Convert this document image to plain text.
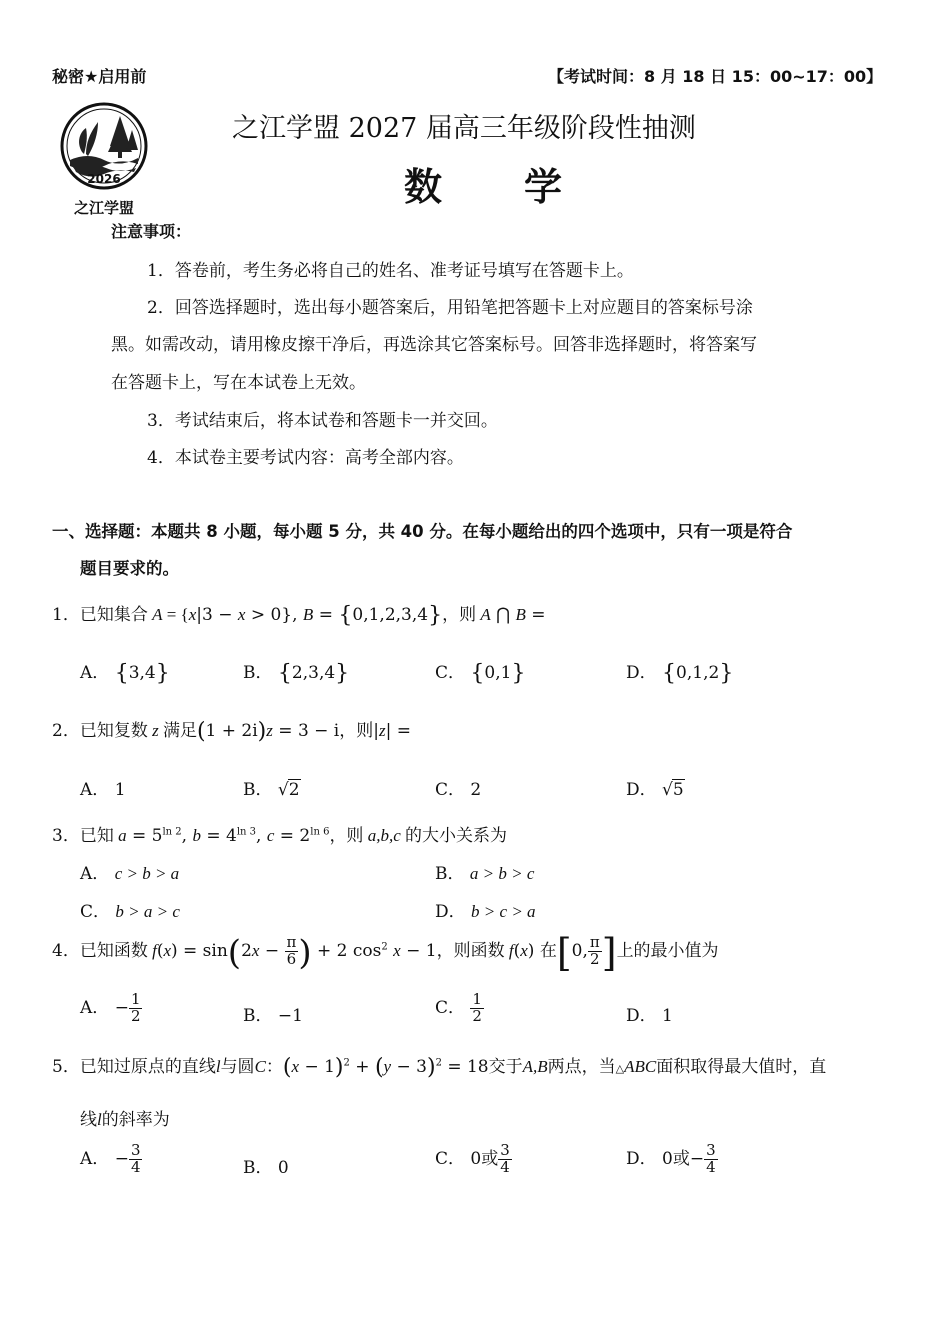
秘密★启用前	【考试时间：8 月 18 日 15：00~17：00】
2026
之江学盟
之江学盟 2027 届高三年级阶段性抽测
数　　学
注意事项：
1．答卷前，考生务必将自己的姓名、准考证号填写在答题卡上。
2．回答选择题时，选出每小题答案后，用铅笔把答题卡上对应题目的答案标号涂
黑。如需改动，请用橡皮擦干净后，再选涂其它答案标号。回答非选择题时，将答案写
在答题卡上，写在本试卷上无效。
3．考试结束后，将本试卷和答题卡一并交回。
4．本试卷主要考试内容：高考全部内容。
一、选择题：本题共 8 小题，每小题 5 分，共 40 分。在每小题给出的四个选项中，只有一项是符合
题目要求的。
1．已知集合 A = {x|3 − x > 0}, B = {0,1,2,3,4}，则 A ⋂ B =
A． {3,4}	B． {2,3,4}	C． {0,1}	D． {0,1,2}
2．已知复数 z 满足(1 + 2i)z = 3 − i，则|z| =
A． 1	B． √2	C． 2	D． √5
3．已知 $a = 5^{ln 2}$, $b = 4^{ln 3}$, $c = 2^{ln 6}$，则 a,b,c 的大小关系为
A． c > b > a	B． a > b > c
C． b > a > c	D． b > c > a
4．已知函数 $f(x) = \sin(2x - \frac{\pi}{6}$ ) + 2 $\cos^2 x - 1$，则函数 f(x) 在[0, $\frac{\pi}{2}$ ]上的最小值为
A． − $\frac{1}{2}$	B． −1	C． $\frac{1}{2}$	D． 1
5．已知过原点的直线l与圆C：$(x - 1)^2 + (y - 3)^2 = 18$交于A,B两点，当△ABC面积取得最大值时，直
线l的斜率为
A． − $\frac{3}{4}$	B． 0	C． 0或 $\frac{3}{4}$	D． 0或− $\frac{3}{4}$
